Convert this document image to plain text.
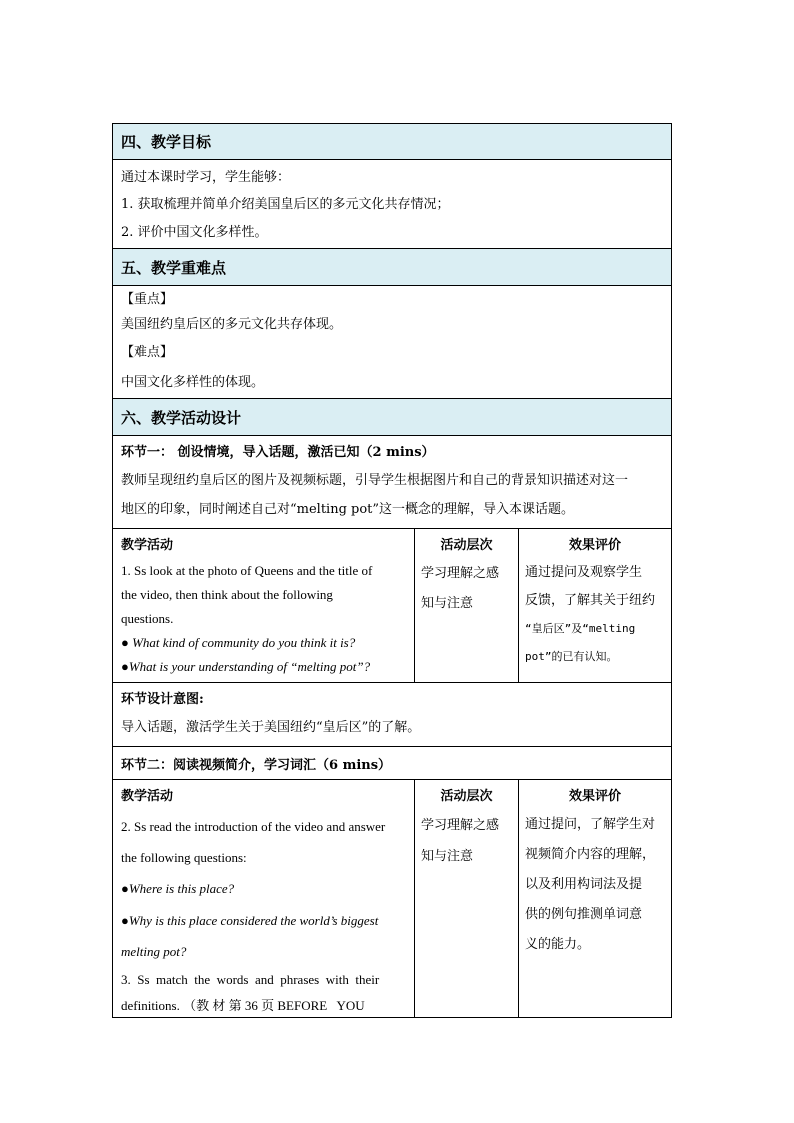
四、教学目标
通过本课时学习，学生能够：
1. 获取梳理并简单介绍美国皇后区的多元文化共存情况；
2. 评价中国文化多样性。
五、教学重难点
【重点】
美国纽约皇后区的多元文化共存体现。
【难点】
中国文化多样性的体现。
六、教学活动设计
环节一： 创设情境，导入话题，激活已知（2 mins）
教师呈现纽约皇后区的图片及视频标题，引导学生根据图片和自己的背景知识描述对这一
地区的印象，同时阐述自己对“melting pot”这一概念的理解，导入本课话题。
教学活动
1. Ss look at the photo of Queens and the title of
the video, then think about the following
questions.
● What kind of community do you think it is?
●What is your understanding of “melting pot”?
活动层次
学习理解之感
知与注意
效果评价
通过提问及观察学生
反馈，了解其关于纽约
“皇后区”及“melting
pot”的已有认知。
环节设计意图:
导入话题，激活学生关于美国纽约“皇后区”的了解。
环节二：阅读视频简介，学习词汇（6 mins）
教学活动
2. Ss read the introduction of the video and answer
the following questions:
●Where is this place?
●Why is this place considered the world’s biggest
melting pot?
3.  Ss  match  the  words  and  phrases  with  their
definitions. （教 材 第 36 页 BEFORE   YOU
活动层次
学习理解之感
知与注意
效果评价
通过提问，了解学生对
视频简介内容的理解，
以及利用构词法及提
供的例句推测单词意
义的能力。
